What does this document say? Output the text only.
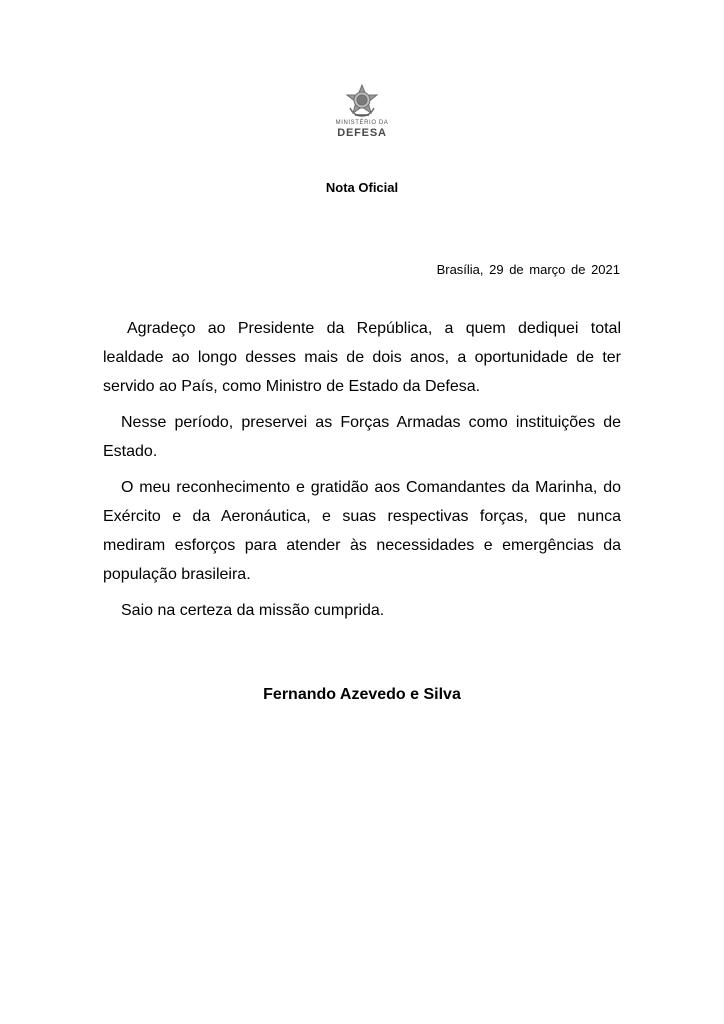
MINISTÉRIO DA
DEFESA
Nota Oficial
Brasília, 29 de março de 2021

Agradeço ao Presidente da República, a quem dediquei total lealdade ao longo desses mais de dois anos, a oportunidade de ter servido ao País, como Ministro de Estado da Defesa.

Nesse período, preservei as Forças Armadas como instituições de Estado.

O meu reconhecimento e gratidão aos Comandantes da Marinha, do Exército e da Aeronáutica, e suas respectivas forças, que nunca mediram esforços para atender às necessidades e emergências da população brasileira.

Saio na certeza da missão cumprida.

Fernando Azevedo e Silva
